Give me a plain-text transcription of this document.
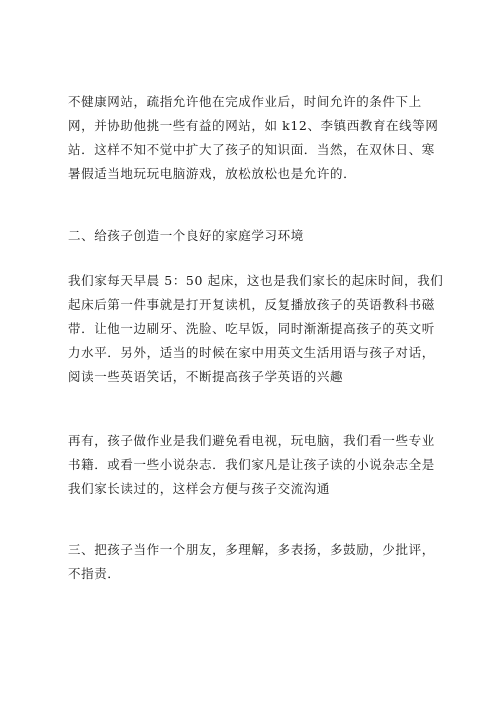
不健康网站，疏指允许他在完成作业后，时间允许的条件下上
网，并协助他挑一些有益的网站，如 k12、李镇西教育在线等网
站．这样不知不觉中扩大了孩子的知识面．当然，在双休日、寒
暑假适当地玩玩电脑游戏，放松放松也是允许的．

二、给孩子创造一个良好的家庭学习环境

我们家每天早晨 5：50 起床，这也是我们家长的起床时间，我们
起床后第一件事就是打开复读机，反复播放孩子的英语教科书磁
带．让他一边刷牙、洗脸、吃早饭，同时渐渐提高孩子的英文听
力水平．另外，适当的时候在家中用英文生活用语与孩子对话，
阅读一些英语笑话，不断提高孩子学英语的兴趣

再有，孩子做作业是我们避免看电视，玩电脑，我们看一些专业
书籍．或看一些小说杂志．我们家凡是让孩子读的小说杂志全是
我们家长读过的，这样会方便与孩子交流沟通

三、把孩子当作一个朋友，多理解，多表扬，多鼓励，少批评，
不指责．
